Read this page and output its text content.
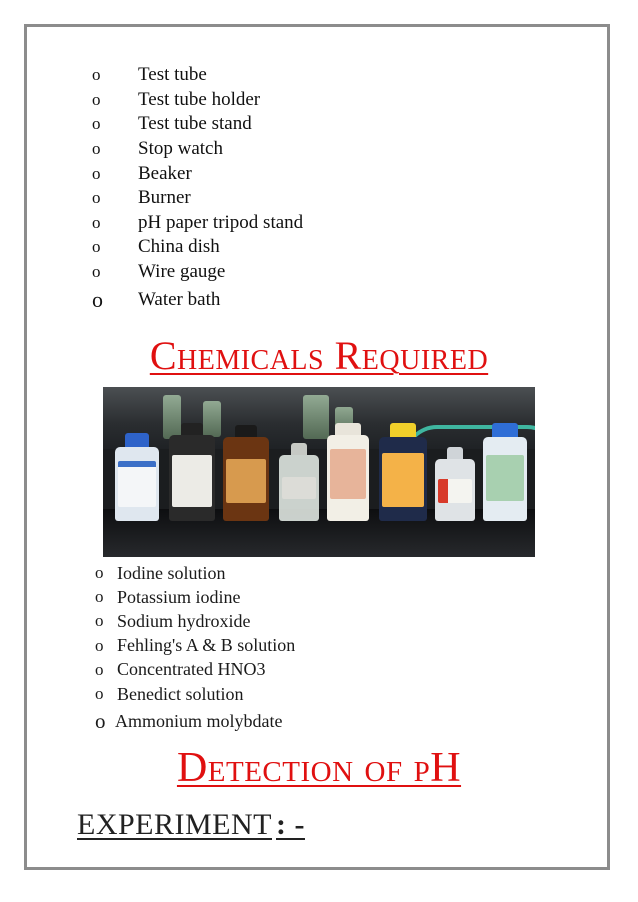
o	Test tube
o	Test tube holder
o	Test tube stand
o	Stop watch
o	Beaker
o	Burner
o	pH paper tripod stand
o	China dish
o	Wire gauge
o	Water bath
Chemicals Required
o Iodine solution
o Potassium iodine
o Sodium hydroxide
o Fehling's A & B solution
o Concentrated HNO3
o Benedict solution
o Ammonium molybdate
Detection of pH
EXPERIMENT : -
